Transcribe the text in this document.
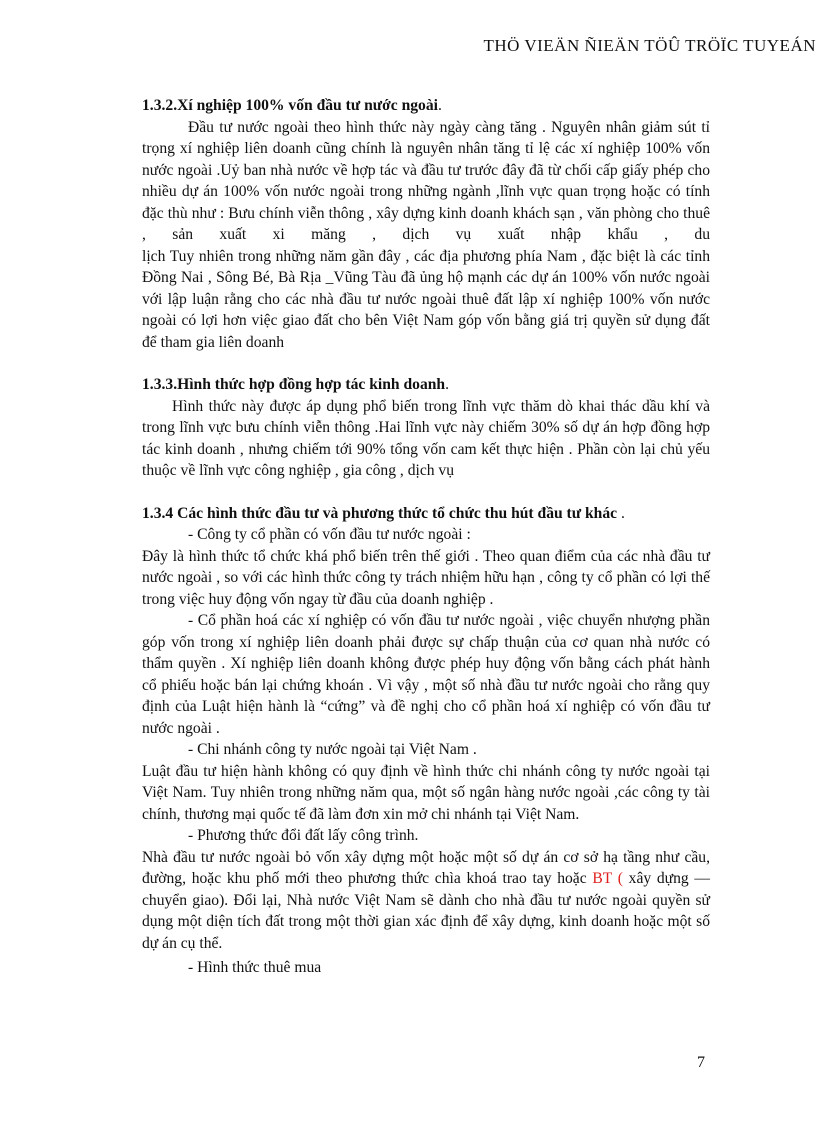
THÖ VIEÄN ÑIEÄN TÖÛ TRÖÏC TUYEÁN
1.3.2.Xí nghiệp 100% vốn đầu tư nước ngoài.

Đầu tư nước ngoài theo hình thức này ngày càng tăng . Nguyên nhân giảm sút tỉ trọng xí nghiệp liên doanh cũng chính là nguyên nhân tăng tỉ lệ các xí nghiệp 100% vốn nước ngoài .Uỷ ban nhà nước về hợp tác và đầu tư trước đây đã từ chối cấp giấy phép cho nhiều dự án 100% vốn nước ngoài trong những ngành ,lĩnh vực quan trọng hoặc có tính đặc thù như : Bưu chính viễn thông , xây dựng kinh doanh khách sạn , văn phòng cho thuê , sản xuất xi măng , dịch vụ xuất nhập khẩu , du

lịch Tuy nhiên trong những năm gần đây , các địa phương phía Nam , đặc biệt là các tỉnh Đồng Nai , Sông Bé, Bà Rịa _Vũng Tàu đã ủng hộ mạnh các dự án 100% vốn nước ngoài với lập luận rằng cho các nhà đầu tư nước ngoài thuê đất lập xí nghiệp 100% vốn nước ngoài có lợi hơn việc giao đất cho bên Việt Nam góp vốn bằng giá trị quyền sử dụng đất để tham gia liên doanh

1.3.3.Hình thức hợp đồng hợp tác kinh doanh.

Hình thức này được áp dụng phổ biến trong lĩnh vực thăm dò khai thác dầu khí và trong lĩnh vực bưu chính viễn thông .Hai lĩnh vực này chiếm 30% số dự án hợp đồng hợp tác kinh doanh , nhưng chiếm tới 90% tổng vốn cam kết thực hiện . Phần còn lại chủ yếu thuộc về lĩnh vực công nghiệp , gia công , dịch vụ

1.3.4 Các hình thức đầu tư và phương thức tổ chức thu hút đầu tư khác .

- Công ty cổ phần có vốn đầu tư nước ngoài :

Đây là hình thức tổ chức khá phổ biến trên thế giới . Theo quan điểm của các nhà đầu tư nước ngoài , so với các hình thức công ty trách nhiệm hữu hạn , công ty cổ phần có lợi thế trong việc huy động vốn ngay từ đầu của doanh nghiệp .

- Cổ phần hoá các xí nghiệp có vốn đầu tư nước ngoài , việc chuyển nhượng phần góp vốn trong xí nghiệp liên doanh phải được sự chấp thuận của cơ quan nhà nước có thẩm quyền . Xí nghiệp liên doanh không được phép huy động vốn bằng cách phát hành cổ phiếu hoặc bán lại chứng khoán . Vì vậy , một số nhà đầu tư nước ngoài cho rằng quy định của Luật hiện hành là “cứng” và đề nghị cho cổ phần hoá xí nghiệp có vốn đầu tư nước ngoài .

- Chi nhánh công ty nước ngoài tại Việt Nam .

Luật đầu tư hiện hành không có quy định về hình thức chi nhánh công ty nước ngoài tại Việt Nam. Tuy nhiên trong những năm qua, một số ngân hàng nước ngoài ,các công ty tài chính, thương mại quốc tế đã làm đơn xin mở chi nhánh tại Việt Nam.

- Phương thức đổi đất lấy công trình.

Nhà đầu tư nước ngoài bỏ vốn xây dựng một hoặc một số dự án cơ sở hạ tầng như cầu, đường, hoặc khu phố mới theo phương thức chìa khoá trao tay hoặc BT ( xây dựng — chuyển giao). Đổi lại, Nhà nước Việt Nam sẽ dành cho nhà đầu tư nước ngoài quyền sử dụng một diện tích đất trong một thời gian xác định để xây dựng, kinh doanh hoặc một số dự án cụ thể.

- Hình thức thuê mua

7
